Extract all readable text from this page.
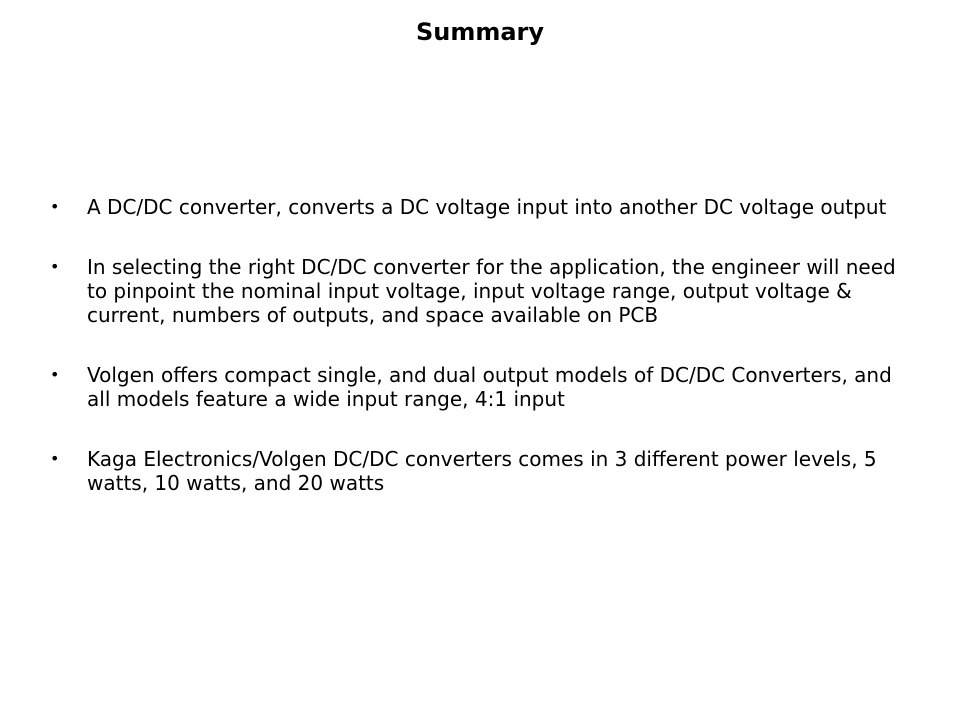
Summary
•	A DC/DC converter, converts a DC voltage input into another DC voltage output
•	In selecting the right DC/DC converter for the application, the engineer will need to pinpoint the nominal input voltage, input voltage range, output voltage & current, numbers of outputs, and space available on PCB
•	Volgen offers compact single, and dual output models of DC/DC Converters, and all models feature a wide input range, 4:1 input
•	Kaga Electronics/Volgen DC/DC converters comes in 3 different power levels, 5 watts, 10 watts, and 20 watts
